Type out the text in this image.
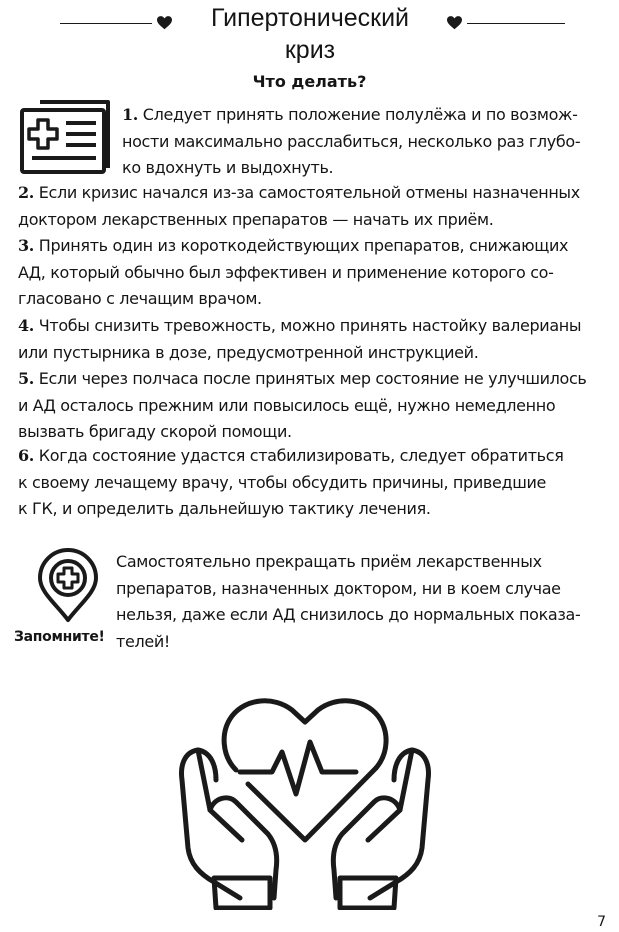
Гипертонический
криз
Что делать?

1. Следует принять положение полулёжа и по возмож-
ности максимально расслабиться, несколько раз глубо-
ко вдохнуть и выдохнуть.

2. Если кризис начался из-за самостоятельной отмены назначенных
доктором лекарственных препаратов — начать их приём.

3. Принять один из короткодействующих препаратов, снижающих
АД, который обычно был эффективен и применение которого со-
гласовано с лечащим врачом.

4. Чтобы снизить тревожность, можно принять настойку валерианы
или пустырника в дозе, предусмотренной инструкцией.

5. Если через полчаса после принятых мер состояние не улучшилось
и АД осталось прежним или повысилось ещё, нужно немедленно
вызвать бригаду скорой помощи.

6. Когда состояние удастся стабилизировать, следует обратиться
к своему лечащему врачу, чтобы обсудить причины, приведшие
к ГК, и определить дальнейшую тактику лечения.

Запомните!

Самостоятельно прекращать приём лекарственных
препаратов, назначенных доктором, ни в коем случае
нельзя, даже если АД снизилось до нормальных показа-
телей!

7
